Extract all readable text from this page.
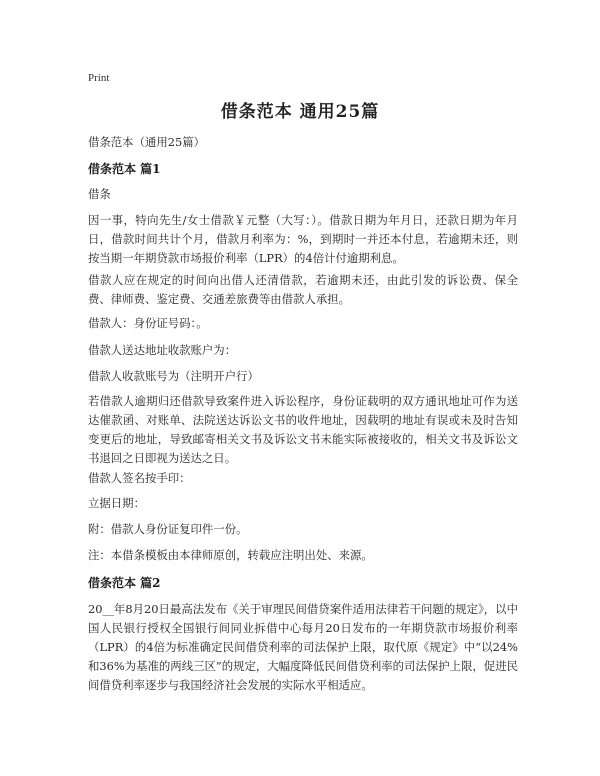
Print
借条范本 通用25篇

借条范本（通用25篇）

借条范本 篇1

借条

因一事，特向先生/女士借款￥元整（大写：）。借款日期为年月日，还款日期为年月日，借款时间共计个月，借款月利率为：%，到期时一并还本付息，若逾期未还，则按当期一年期贷款市场报价利率（LPR）的4倍计付逾期利息。

借款人应在规定的时间向出借人还清借款，若逾期未还，由此引发的诉讼费、保全费、律师费、鉴定费、交通差旅费等由借款人承担。

借款人：身份证号码：。

借款人送达地址收款账户为：

借款人收款账号为（注明开户行）

若借款人逾期归还借款导致案件进入诉讼程序，身份证载明的双方通讯地址可作为送达催款函、对账单、法院送达诉讼文书的收件地址，因载明的地址有误或未及时告知变更后的地址，导致邮寄相关文书及诉讼文书未能实际被接收的，相关文书及诉讼文书退回之日即视为送达之日。

借款人签名按手印：

立据日期：

附：借款人身份证复印件一份。

注：本借条模板由本律师原创，转载应注明出处、来源。

借条范本 篇2

20__年8月20日最高法发布《关于审理民间借贷案件适用法律若干问题的规定》，以中国人民银行授权全国银行间同业拆借中心每月20日发布的一年期贷款市场报价利率（LPR）的4倍为标准确定民间借贷利率的司法保护上限，取代原《规定》中“以24%和36%为基准的两线三区”的规定，大幅度降低民间借贷利率的司法保护上限，促进民间借贷利率逐步与我国经济社会发展的实际水平相适应。
